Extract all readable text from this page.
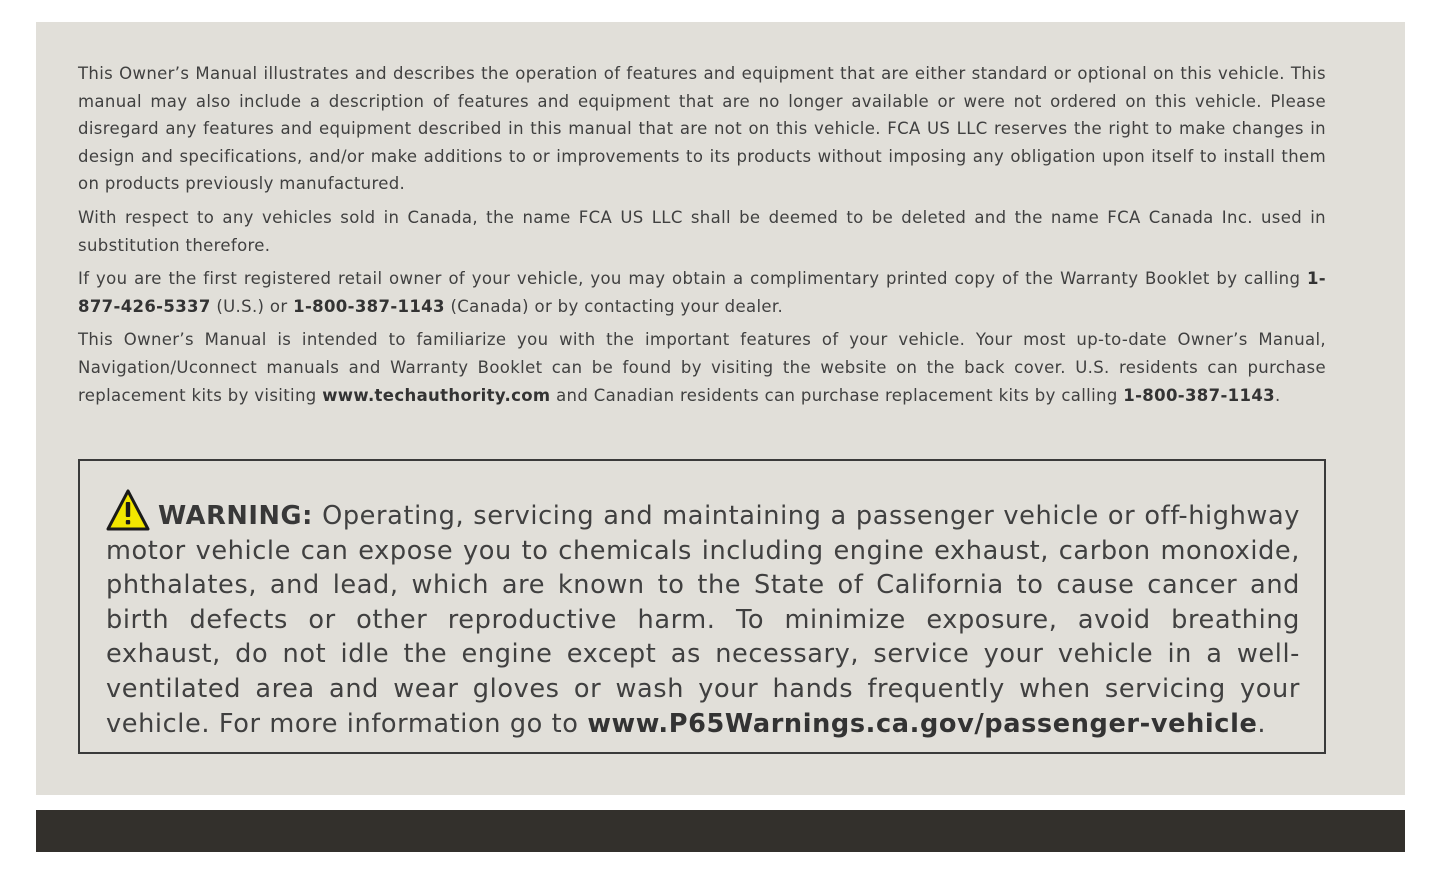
This Owner’s Manual illustrates and describes the operation of features and equipment that are either standard or optional on this vehicle. This manual may also include a description of features and equipment that are no longer available or were not ordered on this vehicle. Please disregard any features and equipment described in this manual that are not on this vehicle. FCA US LLC reserves the right to make changes in design and specifications, and/or make additions to or improvements to its products without imposing any obligation upon itself to install them on products previously manufactured.

With respect to any vehicles sold in Canada, the name FCA US LLC shall be deemed to be deleted and the name FCA Canada Inc. used in substitution therefore.

If you are the first registered retail owner of your vehicle, you may obtain a complimentary printed copy of the Warranty Booklet by calling 1-877-426-5337 (U.S.) or 1-800-387-1143 (Canada) or by contacting your dealer.

This Owner’s Manual is intended to familiarize you with the important features of your vehicle. Your most up-to-date Owner’s Manual, Navigation/Uconnect manuals and Warranty Booklet can be found by visiting the website on the back cover. U.S. residents can purchase replacement kits by visiting www.techauthority.com and Canadian residents can purchase replacement kits by calling 1-800-387-1143.

WARNING: Operating, servicing and maintaining a passenger vehicle or off-highway motor vehicle can expose you to chemicals including engine exhaust, carbon monoxide, phthalates, and lead, which are known to the State of California to cause cancer and birth defects or other reproductive harm. To minimize exposure, avoid breathing exhaust, do not idle the engine except as necessary, service your vehicle in a well-ventilated area and wear gloves or wash your hands frequently when servicing your vehicle. For more information go to www.P65Warnings.ca.gov/passenger-vehicle.
